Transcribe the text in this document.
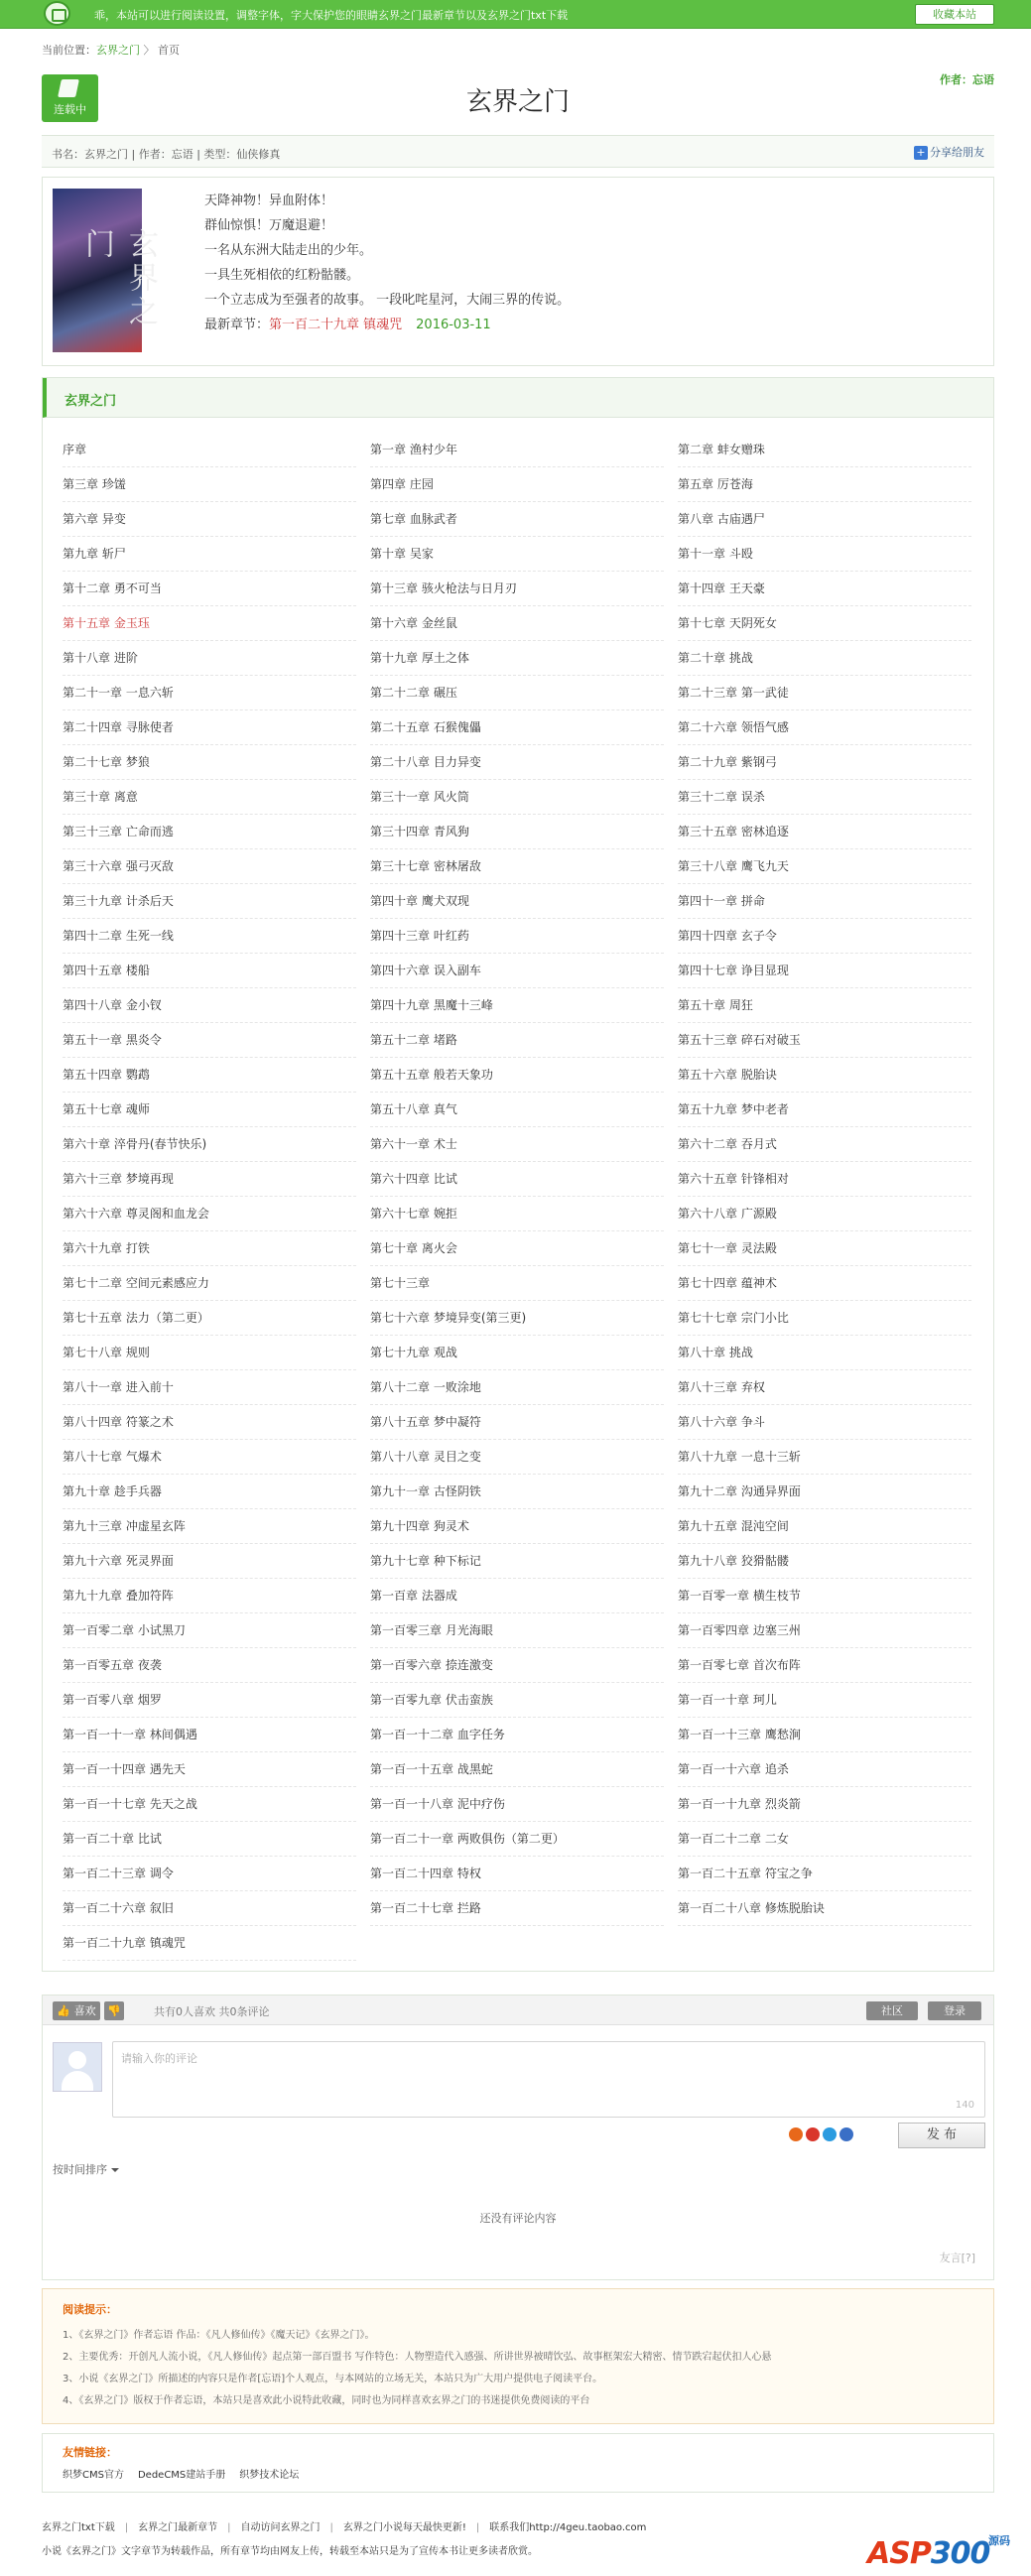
乖，本站可以进行阅读设置，调整字体，字大保护您的眼睛玄界之门最新章节以及玄界之门txt下载	收藏本站
当前位置：玄界之门 〉 首页
连载中	玄界之门
作者：忘语
书名：玄界之门 | 作者：忘语 | 类型：仙侠修真	+ 分享给朋友
玄界之门
天降神物！异血附体！
群仙惊惧！万魔退避！
一名从东洲大陆走出的少年。
一具生死相依的红粉骷髅。
一个立志成为至强者的故事。 一段叱咤星河，大闹三界的传说。
最新章节：第一百二十九章 镇魂咒 2016-03-11
玄界之门
序章	第一章 渔村少年	第二章 蚌女赠珠
第三章 珍馐	第四章 庄园	第五章 厉苍海
第六章 异变	第七章 血脉武者	第八章 古庙遇尸
第九章 斩尸	第十章 吴家	第十一章 斗殴
第十二章 勇不可当	第十三章 骇火枪法与日月刃	第十四章 王天豪
第十五章 金玉珏	第十六章 金丝鼠	第十七章 天阴死女
第十八章 进阶	第十九章 厚土之体	第二十章 挑战
第二十一章 一息六斩	第二十二章 碾压	第二十三章 第一武徒
第二十四章 寻脉使者	第二十五章 石猴傀儡	第二十六章 领悟气感
第二十七章 梦狼	第二十八章 目力异变	第二十九章 紫钢弓
第三十章 离意	第三十一章 风火筒	第三十二章 误杀
第三十三章 亡命而逃	第三十四章 青风狗	第三十五章 密林追逐
第三十六章 强弓灭敌	第三十七章 密林屠敌	第三十八章 鹰飞九天
第三十九章 计杀后天	第四十章 鹰犬双现	第四十一章 拼命
第四十二章 生死一线	第四十三章 叶红药	第四十四章 玄子令
第四十五章 楼船	第四十六章 误入副车	第四十七章 诤目显现
第四十八章 金小钗	第四十九章 黑魔十三峰	第五十章 周狂
第五十一章 黑炎令	第五十二章 堵路	第五十三章 碎石对破玉
第五十四章 鹦鹉	第五十五章 般若天象功	第五十六章 脱胎诀
第五十七章 魂师	第五十八章 真气	第五十九章 梦中老者
第六十章 淬骨丹(春节快乐)	第六十一章 术士	第六十二章 吞月式
第六十三章 梦境再现	第六十四章 比试	第六十五章 针锋相对
第六十六章 尊灵阁和血龙会	第六十七章 婉拒	第六十八章 广源殿
第六十九章 打铁	第七十章 离火会	第七十一章 灵法殿
第七十二章 空间元素感应力	第七十三章	第七十四章 蕴神术
第七十五章 法力（第二更）	第七十六章 梦境异变(第三更)	第七十七章 宗门小比
第七十八章 规则	第七十九章 观战	第八十章 挑战
第八十一章 进入前十	第八十二章 一败涂地	第八十三章 弃权
第八十四章 符篆之术	第八十五章 梦中凝符	第八十六章 争斗
第八十七章 气爆术	第八十八章 灵目之变	第八十九章 一息十三斩
第九十章 趁手兵器	第九十一章 古怪阴铁	第九十二章 沟通异界面
第九十三章 冲虚星玄阵	第九十四章 狗灵术	第九十五章 混沌空间
第九十六章 死灵界面	第九十七章 种下标记	第九十八章 狡猾骷髅
第九十九章 叠加符阵	第一百章 法器成	第一百零一章 横生枝节
第一百零二章 小试黑刀	第一百零三章 月光海眼	第一百零四章 边塞三州
第一百零五章 夜袭	第一百零六章 捺连激变	第一百零七章 首次布阵
第一百零八章 烟罗	第一百零九章 伏击蛮族	第一百一十章 珂儿
第一百一十一章 林间偶遇	第一百一十二章 血字任务	第一百一十三章 鹰愁涧
第一百一十四章 遇先天	第一百一十五章 战黑蛇	第一百一十六章 追杀
第一百一十七章 先天之战	第一百一十八章 泥中疗伤	第一百一十九章 烈炎箭
第一百二十章 比试	第一百二十一章 两败俱伤（第二更）	第一百二十二章 二女
第一百二十三章 调令	第一百二十四章 特权	第一百二十五章 符宝之争
第一百二十六章 叙旧	第一百二十七章 拦路	第一百二十八章 修炼脱胎诀
第一百二十九章 镇魂咒
👍 喜欢	👎	共有0人喜欢 共0条评论	社区	登录
请输入你的评论
140
发 布
按时间排序
还没有评论内容
友言[?]
阅读提示：
1、《玄界之门》作者忘语 作品：《凡人修仙传》《魔天记》《玄界之门》。
2、主要优秀：开创凡人流小说，《凡人修仙传》起点第一部百盟书 写作特色：人物塑造代入感强、所讲世界被晴饮弘、故事框架宏大精密、情节跌宕起伏扣人心悬
3、小说《玄界之门》所描述的内容只是作者[忘语]个人观点，与本网站的立场无关，本站只为广大用户提供电子阅读平台。
4、《玄界之门》版权于作者忘语，本站只是喜欢此小说特此收藏，同时也为同样喜欢玄界之门的书迷提供免费阅读的平台
友情链接：
织梦CMS官方 DedeCMS建站手册 织梦技术论坛
玄界之门txt下载 | 玄界之门最新章节 | 自动访问玄界之门 | 玄界之门小说每天最快更新! | 联系我们http://4geu.taobao.com
小说《玄界之门》文字章节为转载作品，所有章节均由网友上传，转载至本站只是为了宣传本书让更多读者欣赏。	ASP300
源码
